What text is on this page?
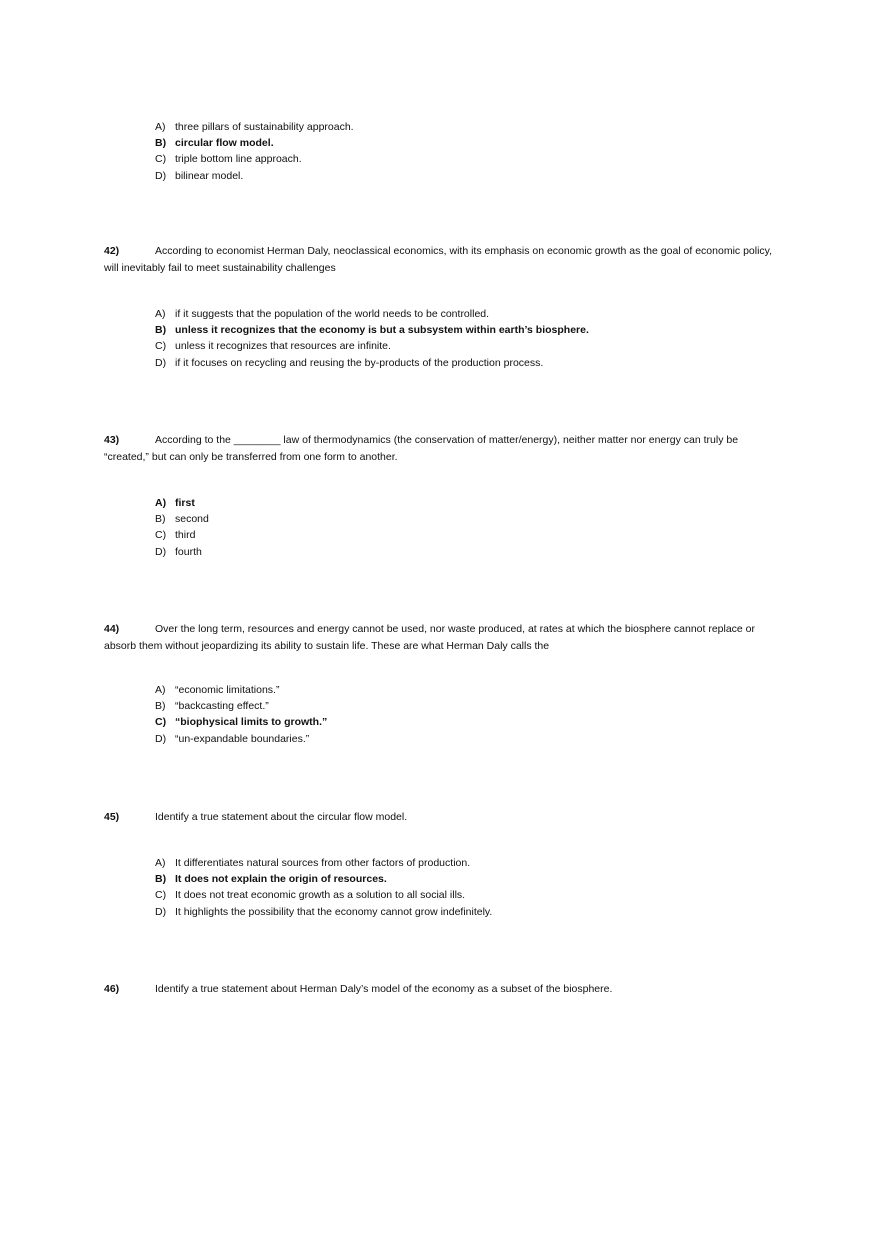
A) three pillars of sustainability approach.
B) circular flow model.
C) triple bottom line approach.
D) bilinear model.
42)	According to economist Herman Daly, neoclassical economics, with its emphasis on economic growth as the goal of economic policy, will inevitably fail to meet sustainability challenges
A) if it suggests that the population of the world needs to be controlled.
B) unless it recognizes that the economy is but a subsystem within earth’s biosphere.
C) unless it recognizes that resources are infinite.
D) if it focuses on recycling and reusing the by-products of the production process.
43)	According to the ________ law of thermodynamics (the conservation of matter/energy), neither matter nor energy can truly be “created,” but can only be transferred from one form to another.
A) first
B) second
C) third
D) fourth
44)	Over the long term, resources and energy cannot be used, nor waste produced, at rates at which the biosphere cannot replace or absorb them without jeopardizing its ability to sustain life. These are what Herman Daly calls the
A) “economic limitations.”
B) “backcasting effect.”
C) “biophysical limits to growth.”
D) “un-expandable boundaries.”
45)	Identify a true statement about the circular flow model.
A) It differentiates natural sources from other factors of production.
B) It does not explain the origin of resources.
C) It does not treat economic growth as a solution to all social ills.
D) It highlights the possibility that the economy cannot grow indefinitely.
46)	Identify a true statement about Herman Daly’s model of the economy as a subset of the biosphere.
